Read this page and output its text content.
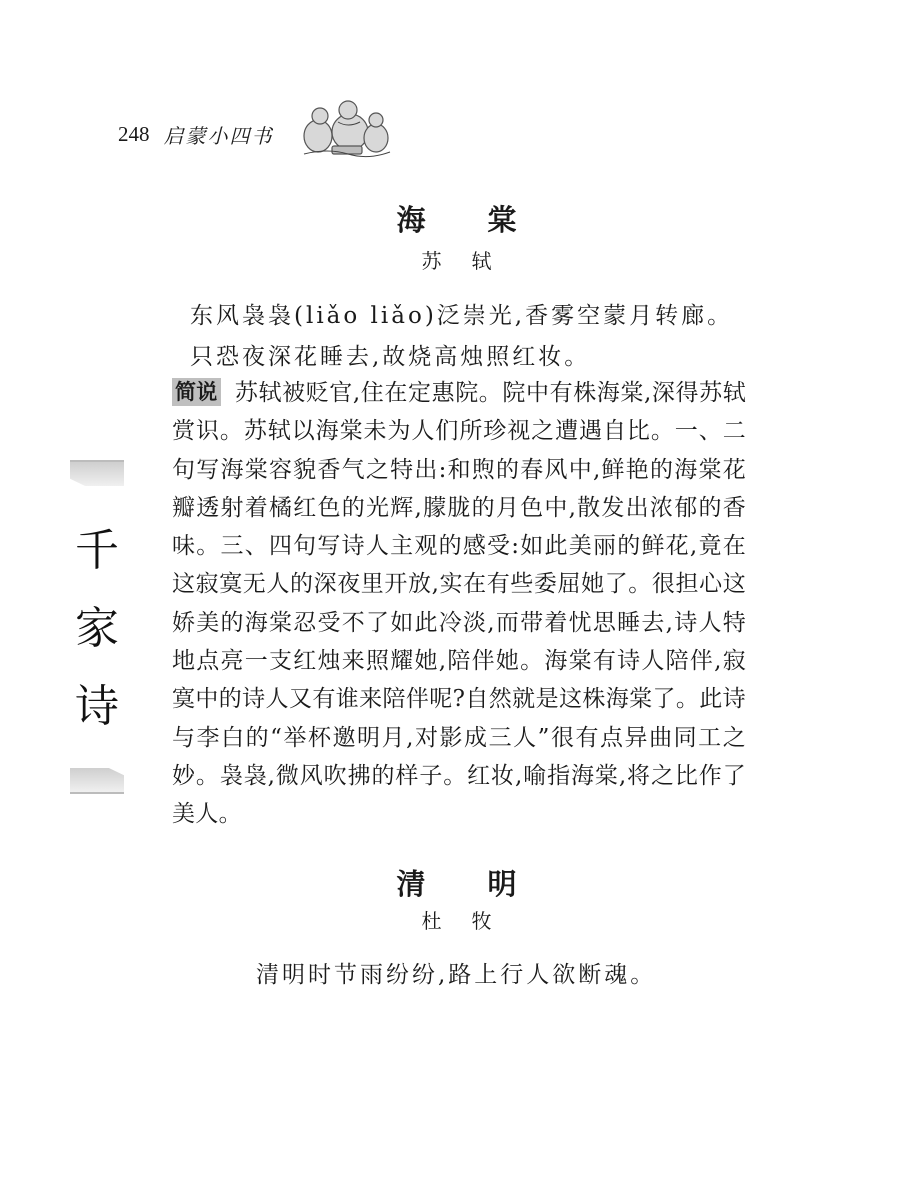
248 启蒙小四书
千
家
诗
海棠
苏轼
东风袅袅(liǎo liǎo)泛崇光,香雾空蒙月转廊。
只恐夜深花睡去,故烧高烛照红妆。
简说 苏轼被贬官,住在定惠院。院中有株海棠,深得苏轼赏识。苏轼以海棠未为人们所珍视之遭遇自比。一、二句写海棠容貌香气之特出:和煦的春风中,鲜艳的海棠花瓣透射着橘红色的光辉,朦胧的月色中,散发出浓郁的香味。三、四句写诗人主观的感受:如此美丽的鲜花,竟在这寂寞无人的深夜里开放,实在有些委屈她了。很担心这娇美的海棠忍受不了如此冷淡,而带着忧思睡去,诗人特地点亮一支红烛来照耀她,陪伴她。海棠有诗人陪伴,寂寞中的诗人又有谁来陪伴呢?自然就是这株海棠了。此诗与李白的“举杯邀明月,对影成三人”很有点异曲同工之妙。袅袅,微风吹拂的样子。红妆,喻指海棠,将之比作了美人。
清明
杜牧
清明时节雨纷纷,路上行人欲断魂。
